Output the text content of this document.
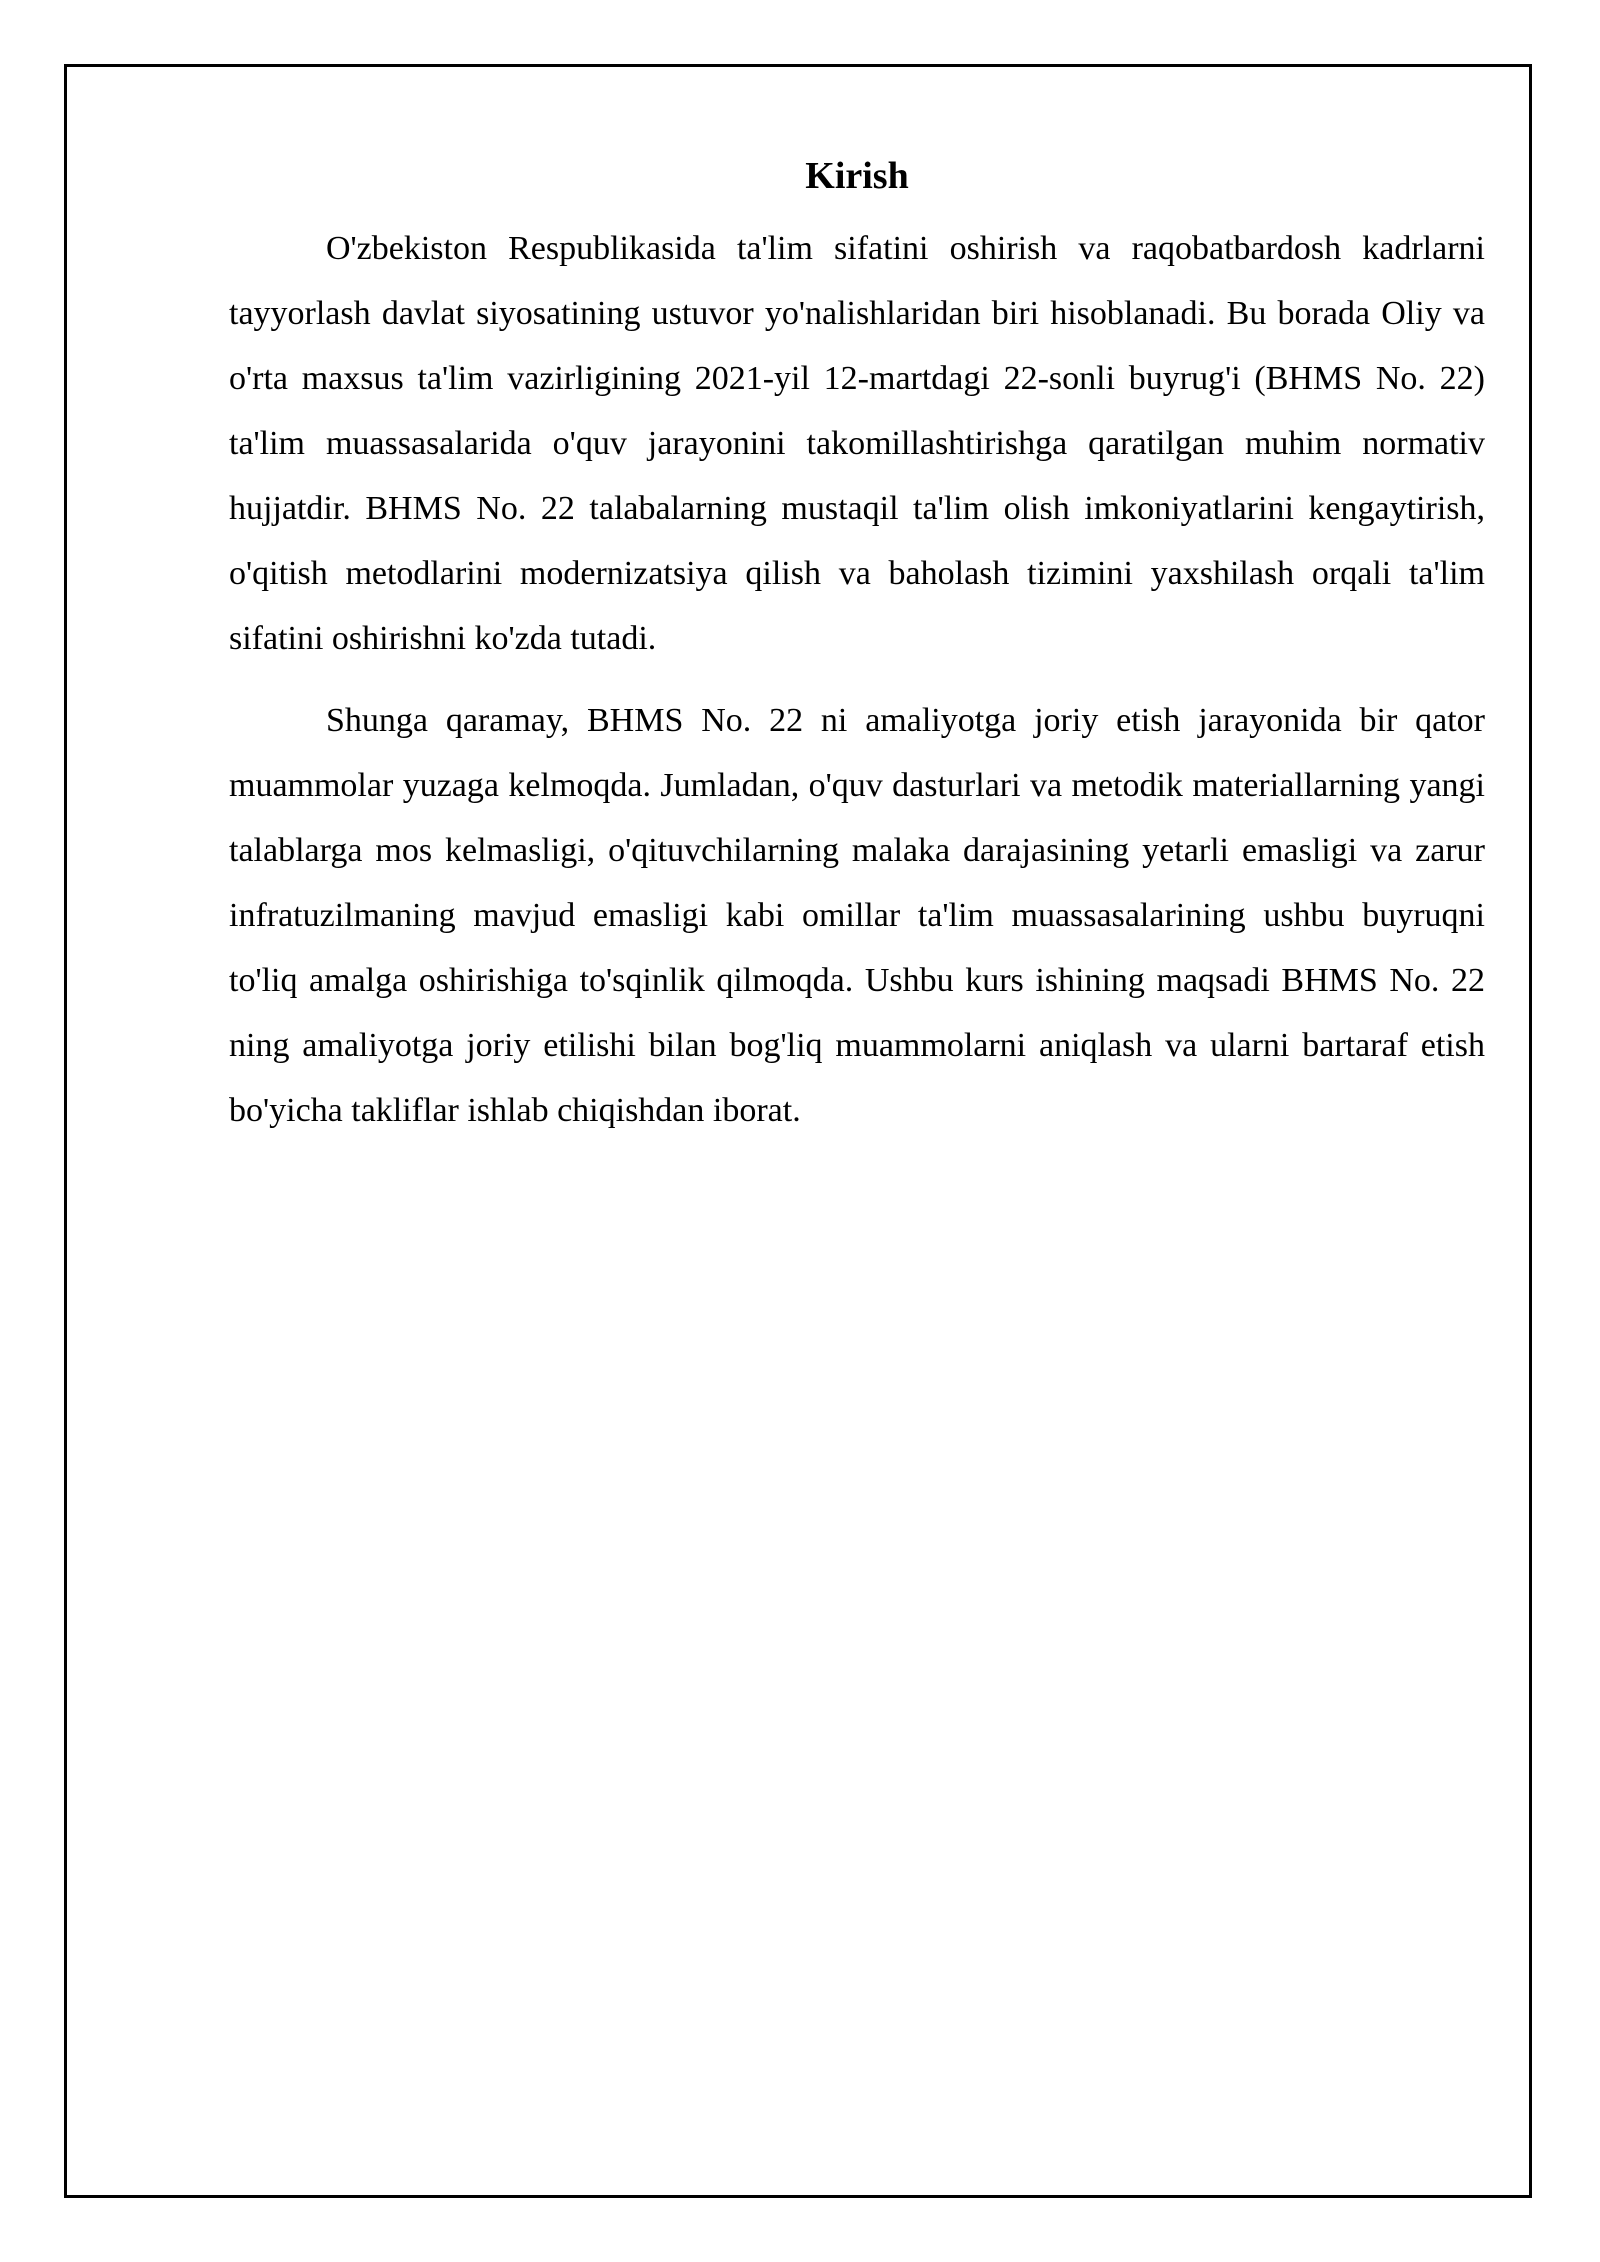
Kirish

O'zbekiston Respublikasida ta'lim sifatini oshirish va raqobatbardosh kadrlarni tayyorlash davlat siyosatining ustuvor yo'nalishlaridan biri hisoblanadi. Bu borada Oliy va o'rta maxsus ta'lim vazirligining 2021-yil 12-martdagi 22-sonli buyrug'i (BHMS No. 22) ta'lim muassasalarida o'quv jarayonini takomillashtirishga qaratilgan muhim normativ hujjatdir. BHMS No. 22 talabalarning mustaqil ta'lim olish imkoniyatlarini kengaytirish, o'qitish metodlarini modernizatsiya qilish va baholash tizimini yaxshilash orqali ta'lim sifatini oshirishni ko'zda tutadi.

Shunga qaramay, BHMS No. 22 ni amaliyotga joriy etish jarayonida bir qator muammolar yuzaga kelmoqda. Jumladan, o'quv dasturlari va metodik materiallarning yangi talablarga mos kelmasligi, o'qituvchilarning malaka darajasining yetarli emasligi va zarur infratuzilmaning mavjud emasligi kabi omillar ta'lim muassasalarining ushbu buyruqni to'liq amalga oshirishiga to'sqinlik qilmoqda. Ushbu kurs ishining maqsadi BHMS No. 22 ning amaliyotga joriy etilishi bilan bog'liq muammolarni aniqlash va ularni bartaraf etish bo'yicha takliflar ishlab chiqishdan iborat.
